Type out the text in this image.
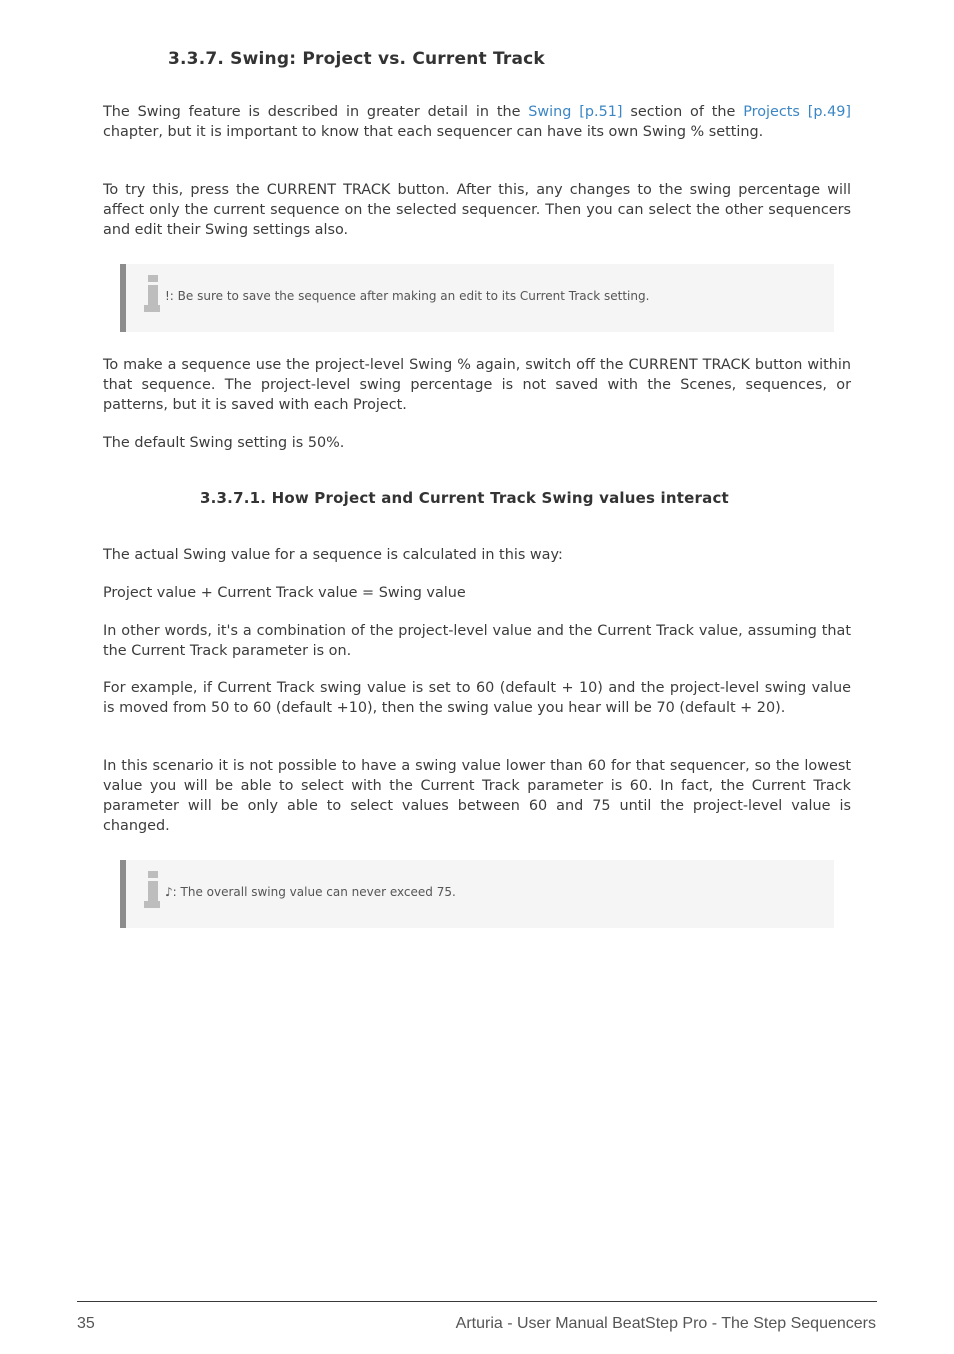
3.3.7. Swing: Project vs. Current Track

The Swing feature is described in greater detail in the Swing [p.51] section of the Projects [p.49] chapter, but it is important to know that each sequencer can have its own Swing % setting.

To try this, press the CURRENT TRACK button. After this, any changes to the swing percentage will affect only the current sequence on the selected sequencer. Then you can select the other sequencers and edit their Swing settings also.

!: Be sure to save the sequence after making an edit to its Current Track setting.

To make a sequence use the project-level Swing % again, switch off the CURRENT TRACK button within that sequence. The project-level swing percentage is not saved with the Scenes, sequences, or patterns, but it is saved with each Project.

The default Swing setting is 50%.

3.3.7.1. How Project and Current Track Swing values interact

The actual Swing value for a sequence is calculated in this way:

Project value + Current Track value = Swing value

In other words, it's a combination of the project-level value and the Current Track value, assuming that the Current Track parameter is on.

For example, if Current Track swing value is set to 60 (default + 10) and the project-level swing value is moved from 50 to 60 (default +10), then the swing value you hear will be 70 (default + 20).

In this scenario it is not possible to have a swing value lower than 60 for that sequencer, so the lowest value you will be able to select with the Current Track parameter is 60. In fact, the Current Track parameter will be only able to select values between 60 and 75 until the project-level value is changed.

♪: The overall swing value can never exceed 75.
35	Arturia - User Manual BeatStep Pro - The Step Sequencers
